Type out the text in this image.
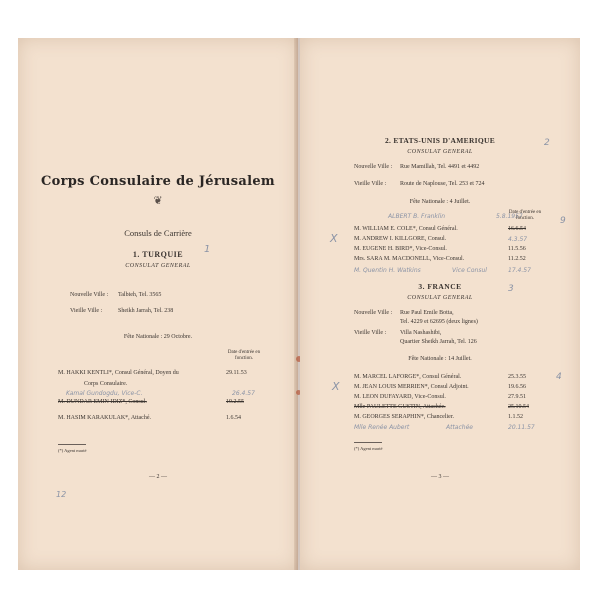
Corps Consulaire de Jérusalem
❦
Consuls de Carrière
1. TURQUIE	1
CONSULAT GENERAL
Nouvelle Ville : Talbieh, Tel. 3565
Vieille Ville :	Sheikh Jarrah, Tel. 238
Fête Nationale : 29 Octobre.
Date d'entrée en fonction.
M. HAKKI KENTLI*, Consul Général, Doyen du	29.11.53
Corps Consulaire.
Kamal Gundogdu, Vice-C.	26.4.57
M. DUNDAR EMIN IDIZ*, Consul.	19.2.55
M. HASIM KARAKULAK*, Attaché.	1.6.54
(*) Agent marié
— 2 —
12
2. ETATS-UNIS D'AMERIQUE	2
CONSULAT GENERAL
Nouvelle Ville : Rue Mamillah, Tel. 4491 et 4492
Vieille Ville : Route de Naplouse, Tel. 253 et 724
Fête Nationale : 4 Juillet.
ALBERT B. Franklin	5.8.1957
Date d'entrée en fonction.
X
9
M. WILLIAM E. COLE*, Consul Général.	16.6.54
M. ANDREW I. KILLGORE, Consul.	4.3.57
M. EUGENE H. BIRD*, Vice-Consul.	11.5.56
Mrs. SARA M. MACDONELL, Vice-Consul.	11.2.52
M. Quentin H. Watkins	Vice Consul	17.4.57
3. FRANCE	3
CONSULAT GENERAL
Nouvelle Ville : Rue Paul Emile Botta,
Tel. 4229 et 62695 (deux lignes)
Vieille Ville : Villa Nashashibi,
Quartier Sheikh Jarrah, Tel. 126
Fête Nationale : 14 Juillet.
X
4
M. MARCEL LAFORGE*, Consul Général.	25.3.55
M. JEAN LOUIS MERRIEN*, Consul Adjoint.	19.6.56
M. LEON DUFAYARD, Vice-Consul.	27.9.51
Mlle PAULETTE GUSTIN, Attachée.	25.10.54
M. GEORGES SERAPHIN*, Chancelier.	1.1.52
Mlle Renée Aubert	Attachée	20.11.57
(*) Agent marié
— 3 —
